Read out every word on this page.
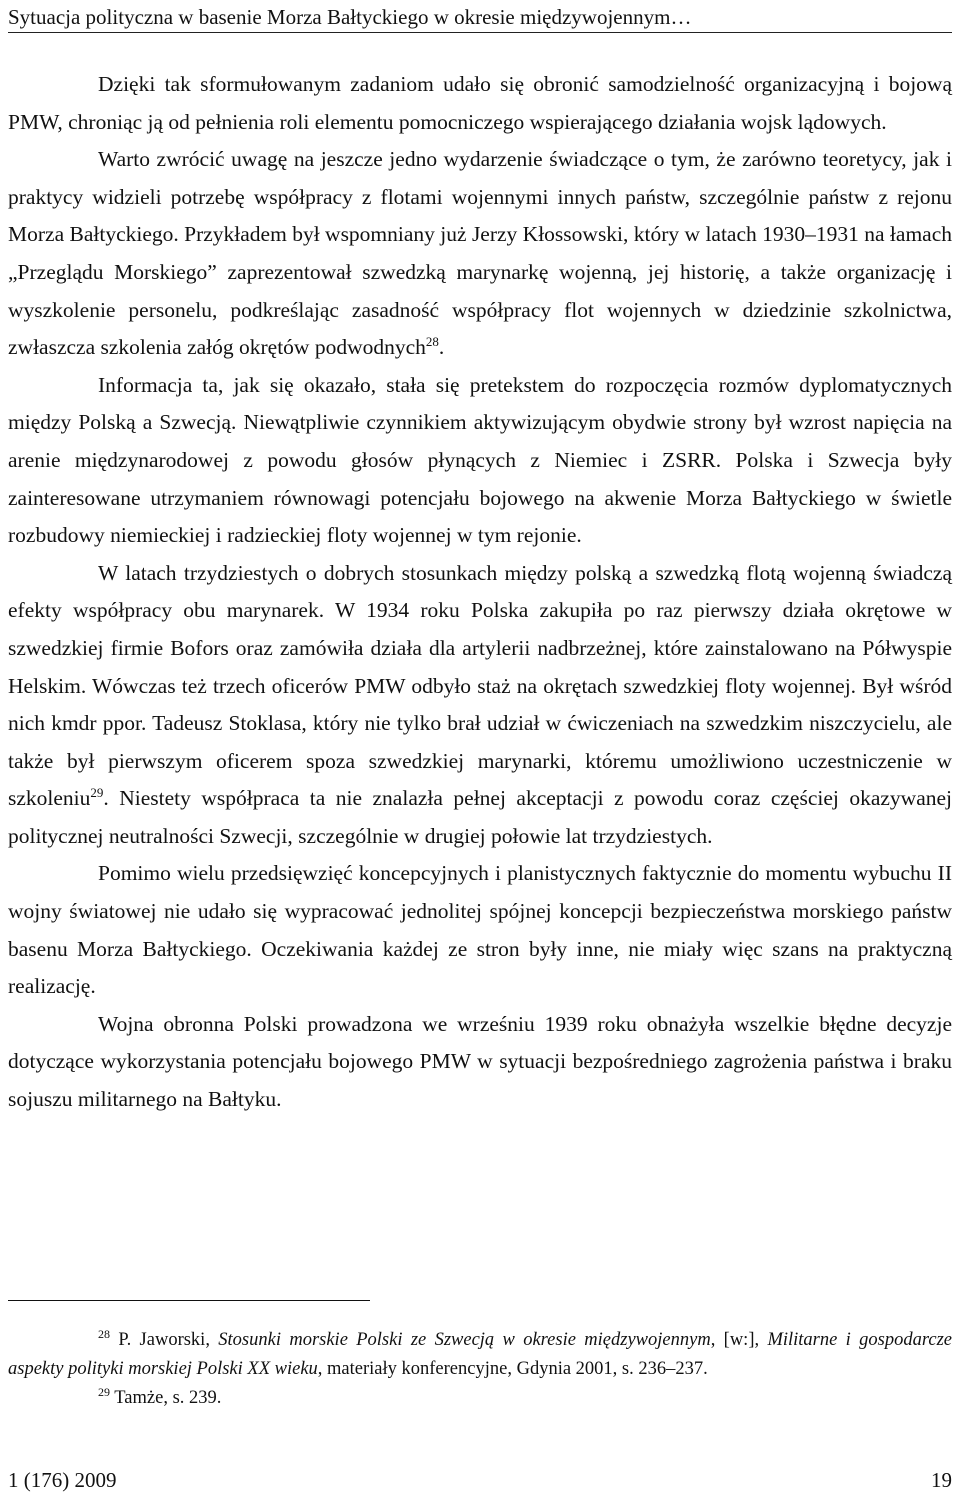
Sytuacja polityczna w basenie Morza Bałtyckiego w okresie międzywojennym…

Dzięki tak sformułowanym zadaniom udało się obronić samodzielność organizacyjną i bojową PMW, chroniąc ją od pełnienia roli elementu pomocniczego wspierającego działania wojsk lądowych.

Warto zwrócić uwagę na jeszcze jedno wydarzenie świadczące o tym, że zarówno teoretycy, jak i praktycy widzieli potrzebę współpracy z flotami wojennymi innych państw, szczególnie państw z rejonu Morza Bałtyckiego. Przykładem był wspomniany już Jerzy Kłossowski, który w latach 1930–1931 na łamach „Przeglądu Morskiego” zaprezentował szwedzką marynarkę wojenną, jej historię, a także organizację i wyszkolenie personelu, podkreślając zasadność współpracy flot wojennych w dziedzinie szkolnictwa, zwłaszcza szkolenia załóg okrętów podwodnych$^{28}$.

Informacja ta, jak się okazało, stała się pretekstem do rozpoczęcia rozmów dyplomatycznych między Polską a Szwecją. Niewątpliwie czynnikiem aktywizującym obydwie strony był wzrost napięcia na arenie międzynarodowej z powodu głosów płynących z Niemiec i ZSRR. Polska i Szwecja były zainteresowane utrzymaniem równowagi potencjału bojowego na akwenie Morza Bałtyckiego w świetle rozbudowy niemieckiej i radzieckiej floty wojennej w tym rejonie.

W latach trzydziestych o dobrych stosunkach między polską a szwedzką flotą wojenną świadczą efekty współpracy obu marynarek. W 1934 roku Polska zakupiła po raz pierwszy działa okrętowe w szwedzkiej firmie Bofors oraz zamówiła działa dla artylerii nadbrzeżnej, które zainstalowano na Półwyspie Helskim. Wówczas też trzech oficerów PMW odbyło staż na okrętach szwedzkiej floty wojennej. Był wśród nich kmdr ppor. Tadeusz Stoklasa, który nie tylko brał udział w ćwiczeniach na szwedzkim niszczycielu, ale także był pierwszym oficerem spoza szwedzkiej marynarki, któremu umożliwiono uczestniczenie w szkoleniu$^{29}$. Niestety współpraca ta nie znalazła pełnej akceptacji z powodu coraz częściej okazywanej politycznej neutralności Szwecji, szczególnie w drugiej połowie lat trzydziestych.

Pomimo wielu przedsięwzięć koncepcyjnych i planistycznych faktycznie do momentu wybuchu II wojny światowej nie udało się wypracować jednolitej spójnej koncepcji bezpieczeństwa morskiego państw basenu Morza Bałtyckiego. Oczekiwania każdej ze stron były inne, nie miały więc szans na praktyczną realizację.

Wojna obronna Polski prowadzona we wrześniu 1939 roku obnażyła wszelkie błędne decyzje dotyczące wykorzystania potencjału bojowego PMW w sytuacji bezpośredniego zagrożenia państwa i braku sojuszu militarnego na Bałtyku.

$^{28}$ P. Jaworski, Stosunki morskie Polski ze Szwecją w okresie międzywojennym, [w:], Militarne i gospodarcze aspekty polityki morskiej Polski XX wieku, materiały konferencyjne, Gdynia 2001, s. 236–237.

$^{29}$ Tamże, s. 239.

1 (176) 2009	19
